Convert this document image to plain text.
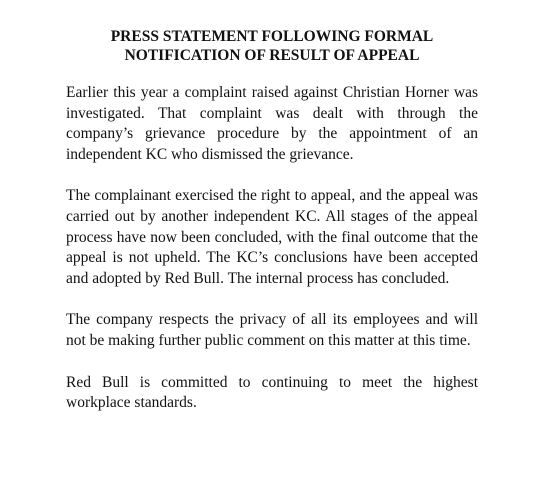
PRESS STATEMENT FOLLOWING FORMAL
NOTIFICATION OF RESULT OF APPEAL

Earlier this year a complaint raised against Christian Horner was investigated. That complaint was dealt with through the company’s grievance procedure by the appointment of an independent KC who dismissed the grievance.

The complainant exercised the right to appeal, and the appeal was carried out by another independent KC. All stages of the appeal process have now been concluded, with the final outcome that the appeal is not upheld. The KC’s conclusions have been accepted and adopted by Red Bull. The internal process has concluded.

The company respects the privacy of all its employees and will not be making further public comment on this matter at this time.

Red Bull is committed to continuing to meet the highest workplace standards.
